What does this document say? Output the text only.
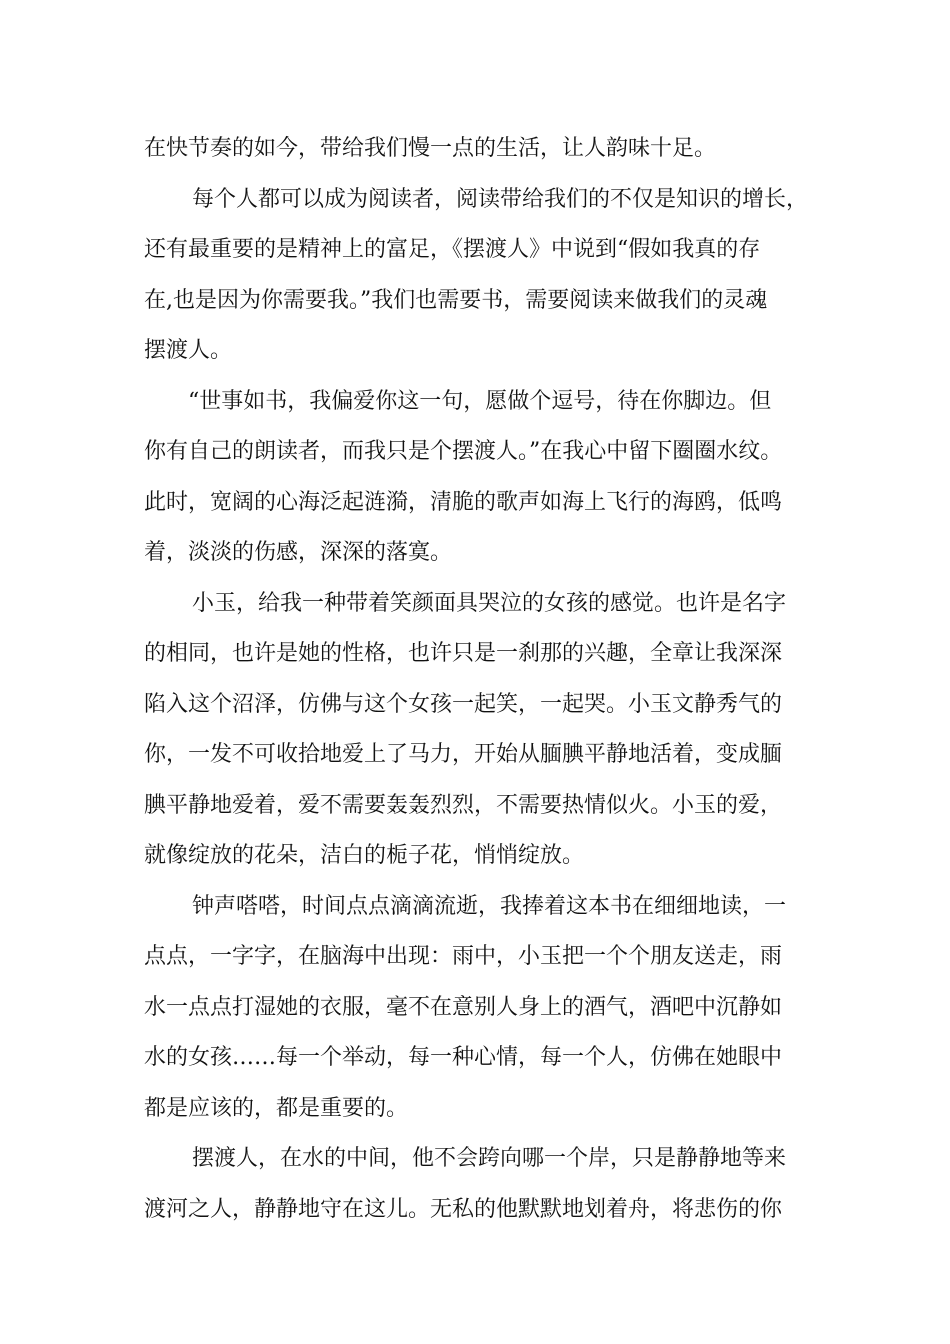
在快节奏的如今，带给我们慢一点的生活，让人韵味十足。
每个人都可以成为阅读者，阅读带给我们的不仅是知识的增长，
还有最重要的是精神上的富足，《摆渡人》中说到“假如我真的存
在,也是因为你需要我。”我们也需要书，需要阅读来做我们的灵魂
摆渡人。
“世事如书，我偏爱你这一句，愿做个逗号，待在你脚边。但
你有自己的朗读者，而我只是个摆渡人。”在我心中留下圈圈水纹。
此时，宽阔的心海泛起涟漪，清脆的歌声如海上飞行的海鸥，低鸣
着，淡淡的伤感，深深的落寞。
小玉，给我一种带着笑颜面具哭泣的女孩的感觉。也许是名字
的相同，也许是她的性格，也许只是一刹那的兴趣，全章让我深深
陷入这个沼泽，仿佛与这个女孩一起笑，一起哭。小玉文静秀气的
你，一发不可收拾地爱上了马力，开始从腼腆平静地活着，变成腼
腆平静地爱着，爱不需要轰轰烈烈，不需要热情似火。小玉的爱，
就像绽放的花朵，洁白的栀子花，悄悄绽放。
钟声嗒嗒，时间点点滴滴流逝，我捧着这本书在细细地读，一
点点，一字字，在脑海中出现：雨中，小玉把一个个朋友送走，雨
水一点点打湿她的衣服，毫不在意别人身上的酒气，酒吧中沉静如
水的女孩……每一个举动，每一种心情，每一个人，仿佛在她眼中
都是应该的，都是重要的。
摆渡人，在水的中间，他不会跨向哪一个岸，只是静静地等来
渡河之人，静静地守在这儿。无私的他默默地划着舟，将悲伤的你
